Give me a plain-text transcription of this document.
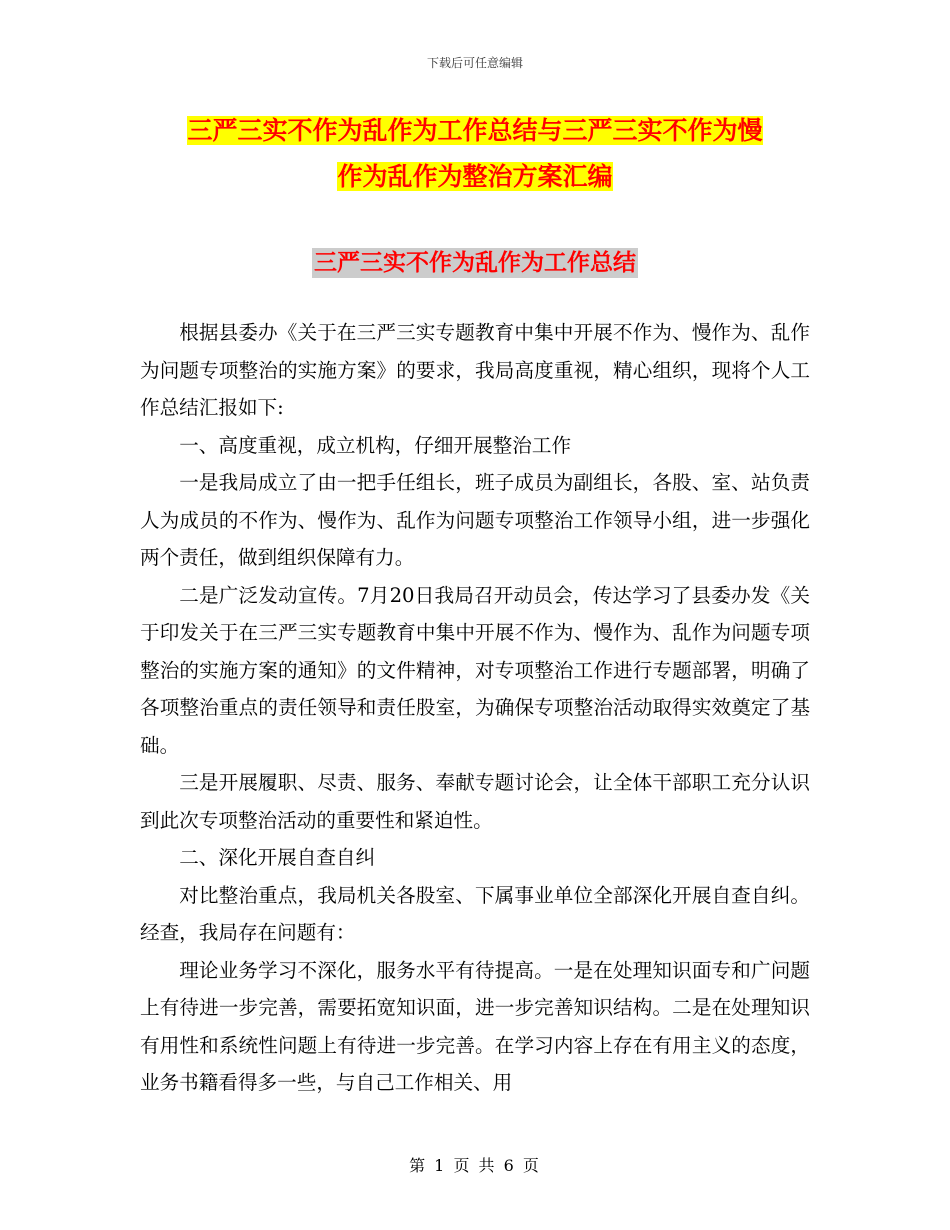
下载后可任意编辑
三严三实不作为乱作为工作总结与三严三实不作为慢
作为乱作为整治方案汇编
三严三实不作为乱作为工作总结

根据县委办《关于在三严三实专题教育中集中开展不作为、慢作为、乱作为问题专项整治的实施方案》的要求，我局高度重视，精心组织，现将个人工作总结汇报如下:

一、高度重视，成立机构，仔细开展整治工作

一是我局成立了由一把手任组长，班子成员为副组长，各股、室、站负责人为成员的不作为、慢作为、乱作为问题专项整治工作领导小组，进一步强化两个责任，做到组织保障有力。

二是广泛发动宣传。7月20日我局召开动员会，传达学习了县委办发《关于印发关于在三严三实专题教育中集中开展不作为、慢作为、乱作为问题专项整治的实施方案的通知》的文件精神，对专项整治工作进行专题部署，明确了各项整治重点的责任领导和责任股室，为确保专项整治活动取得实效奠定了基础。

三是开展履职、尽责、服务、奉献专题讨论会，让全体干部职工充分认识到此次专项整治活动的重要性和紧迫性。

二、深化开展自查自纠

对比整治重点，我局机关各股室、下属事业单位全部深化开展自查自纠。经查，我局存在问题有：

理论业务学习不深化，服务水平有待提高。一是在处理知识面专和广问题上有待进一步完善，需要拓宽知识面，进一步完善知识结构。二是在处理知识有用性和系统性问题上有待进一步完善。在学习内容上存在有用主义的态度，业务书籍看得多一些，与自己工作相关、用

第 1 页 共 6 页
